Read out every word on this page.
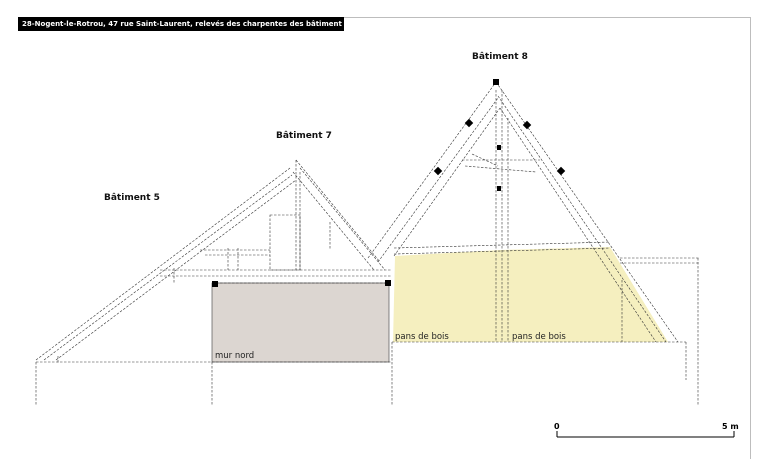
28-Nogent-le-Rotrou, 47 rue Saint-Laurent, relevés des charpentes des bâtiment 3, 5, 7 et 8
Bâtiment 5
Bâtiment 7
Bâtiment 8
mur nord
pans de bois	pans de bois
0	5 m
